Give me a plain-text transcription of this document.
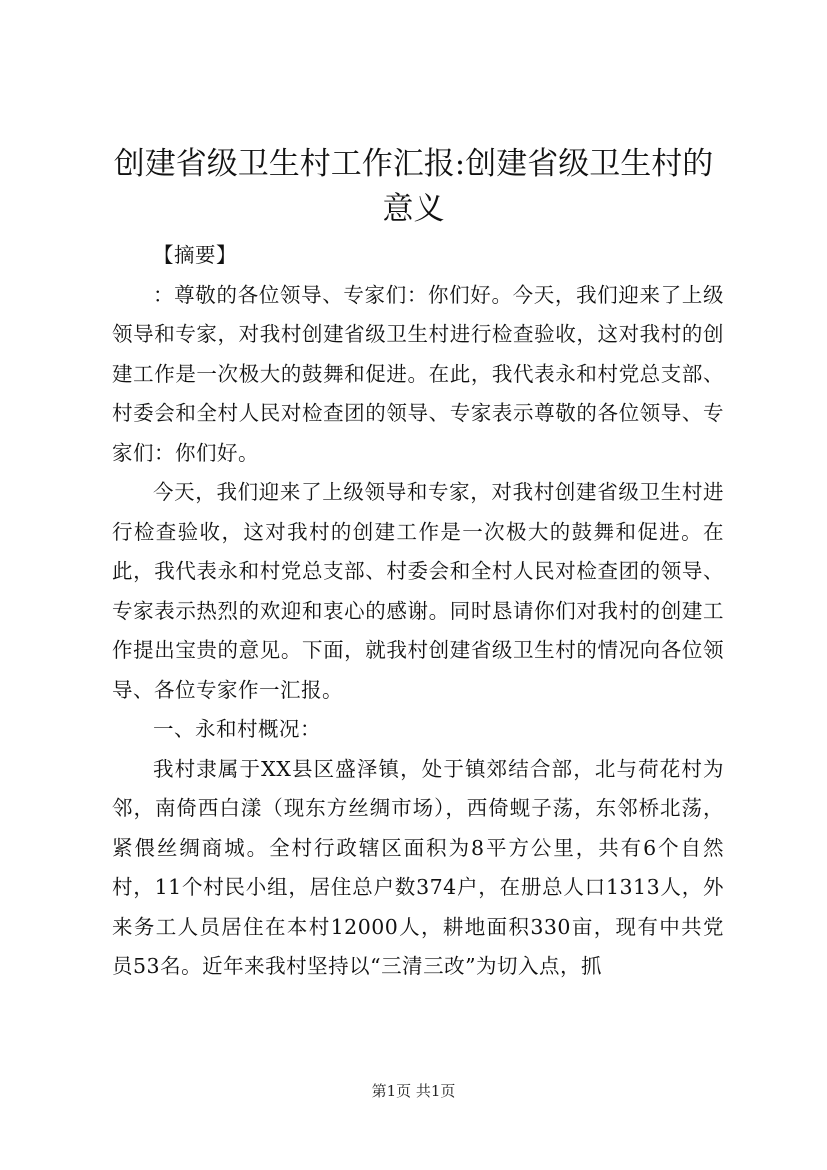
创建省级卫生村工作汇报:创建省级卫生村的
意义

【摘要】

：尊敬的各位领导、专家们：你们好。今天，我们迎来了上级领导和专家，对我村创建省级卫生村进行检查验收，这对我村的创建工作是一次极大的鼓舞和促进。在此，我代表永和村党总支部、村委会和全村人民对检查团的领导、专家表示尊敬的各位领导、专家们：你们好。

今天，我们迎来了上级领导和专家，对我村创建省级卫生村进行检查验收，这对我村的创建工作是一次极大的鼓舞和促进。在此，我代表永和村党总支部、村委会和全村人民对检查团的领导、专家表示热烈的欢迎和衷心的感谢。同时恳请你们对我村的创建工作提出宝贵的意见。下面，就我村创建省级卫生村的情况向各位领导、各位专家作一汇报。

一、永和村概况：

我村隶属于XX县区盛泽镇，处于镇郊结合部，北与荷花村为邻，南倚西白漾（现东方丝绸市场），西倚蚬子荡，东邻桥北荡，紧偎丝绸商城。全村行政辖区面积为8平方公里，共有6个自然村，11个村民小组，居住总户数374户，在册总人口1313人，外来务工人员居住在本村12000人，耕地面积330亩，现有中共党员53名。近年来我村坚持以“三清三改”为切入点，抓

第1页 共1页
